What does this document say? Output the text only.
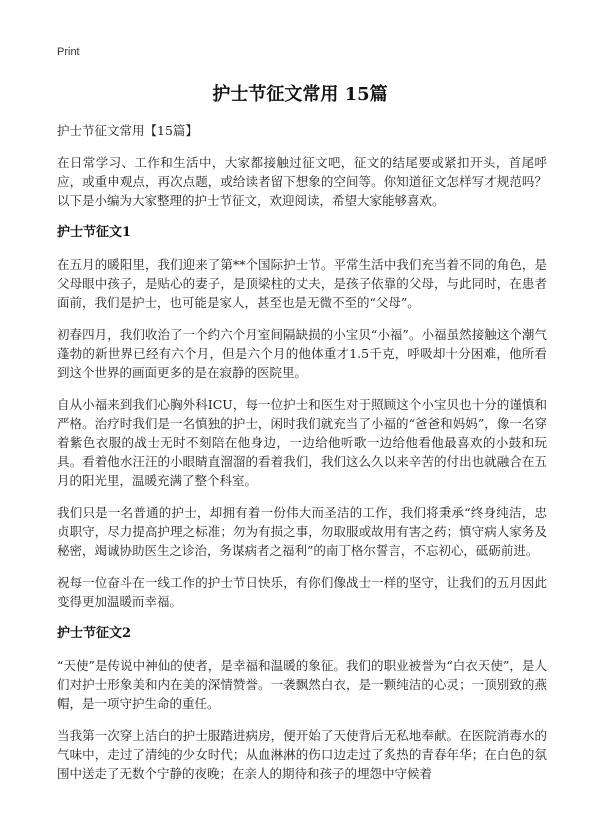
Print
护士节征文常用 15篇

护士节征文常用【15篇】

在日常学习、工作和生活中，大家都接触过征文吧，征文的结尾要或紧扣开头，首尾呼应，或重申观点，再次点题，或给读者留下想象的空间等。你知道征文怎样写才规范吗？以下是小编为大家整理的护士节征文，欢迎阅读，希望大家能够喜欢。

护士节征文1

在五月的暖阳里，我们迎来了第**个国际护士节。平常生活中我们充当着不同的角色，是父母眼中孩子，是贴心的妻子，是顶梁柱的丈夫，是孩子依靠的父母，与此同时，在患者面前，我们是护士，也可能是家人，甚至也是无微不至的“父母”。

初春四月，我们收治了一个约六个月室间隔缺损的小宝贝“小福”。小福虽然接触这个潮气蓬勃的新世界已经有六个月，但是六个月的他体重才1.5千克，呼吸却十分困难，他所看到这个世界的画面更多的是在寂静的医院里。

自从小福来到我们心胸外科ICU，每一位护士和医生对于照顾这个小宝贝也十分的谨慎和严格。治疗时我们是一名慎独的护士，闲时我们就充当了小福的“爸爸和妈妈”，像一名穿着紫色衣服的战士无时不刻陪在他身边，一边给他听歌一边给他看他最喜欢的小鼓和玩具。看着他水汪汪的小眼睛直溜溜的看着我们，我们这么久以来辛苦的付出也就融合在五月的阳光里，温暖充满了整个科室。

我们只是一名普通的护士，却拥有着一份伟大而圣洁的工作，我们将秉承“终身纯洁，忠贞职守，尽力提高护理之标准；勿为有损之事，勿取服或故用有害之药；慎守病人家务及秘密，竭诚协助医生之诊治，务谋病者之福利”的南丁格尔誓言，不忘初心，砥砺前进。

祝每一位奋斗在一线工作的护士节日快乐，有你们像战士一样的坚守，让我们的五月因此变得更加温暖而幸福。

护士节征文2

“天使”是传说中神仙的使者，是幸福和温暖的象征。我们的职业被誉为“白衣天使”，是人们对护士形象美和内在美的深情赞誉。一袭飘然白衣，是一颗纯洁的心灵；一顶别致的燕帽，是一项守护生命的重任。

当我第一次穿上洁白的护士服踏进病房，便开始了天使背后无私地奉献。在医院消毒水的气味中，走过了清纯的少女时代；从血淋淋的伤口边走过了炙热的青春年华；在白色的氛围中送走了无数个宁静的夜晚；在亲人的期待和孩子的埋怨中守候着
